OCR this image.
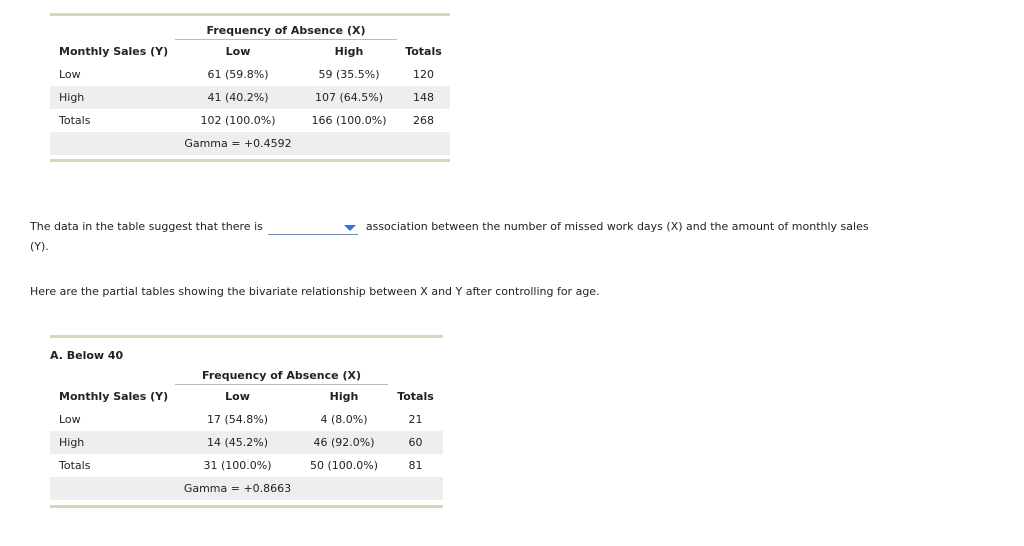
	Frequency of Absence (X)		

Monthly Sales (Y)	Low	High	Totals
Low	61 (59.8%)	59 (35.5%)	120
High	41 (40.2%)	107 (64.5%)	148
Totals	102 (100.0%)	166 (100.0%)	268
	Gamma = +0.4592		
The data in the table suggest that there is	association between the number of missed work days (X) and the amount of monthly sales
(Y).
Here are the partial tables showing the bivariate relationship between X and Y after controlling for age.
A. Below 40

	Frequency of Absence (X)		

Monthly Sales (Y)	Low	High	Totals
Low	17 (54.8%)	4 (8.0%)	21
High	14 (45.2%)	46 (92.0%)	60
Totals	31 (100.0%)	50 (100.0%)	81
	Gamma = +0.8663		
